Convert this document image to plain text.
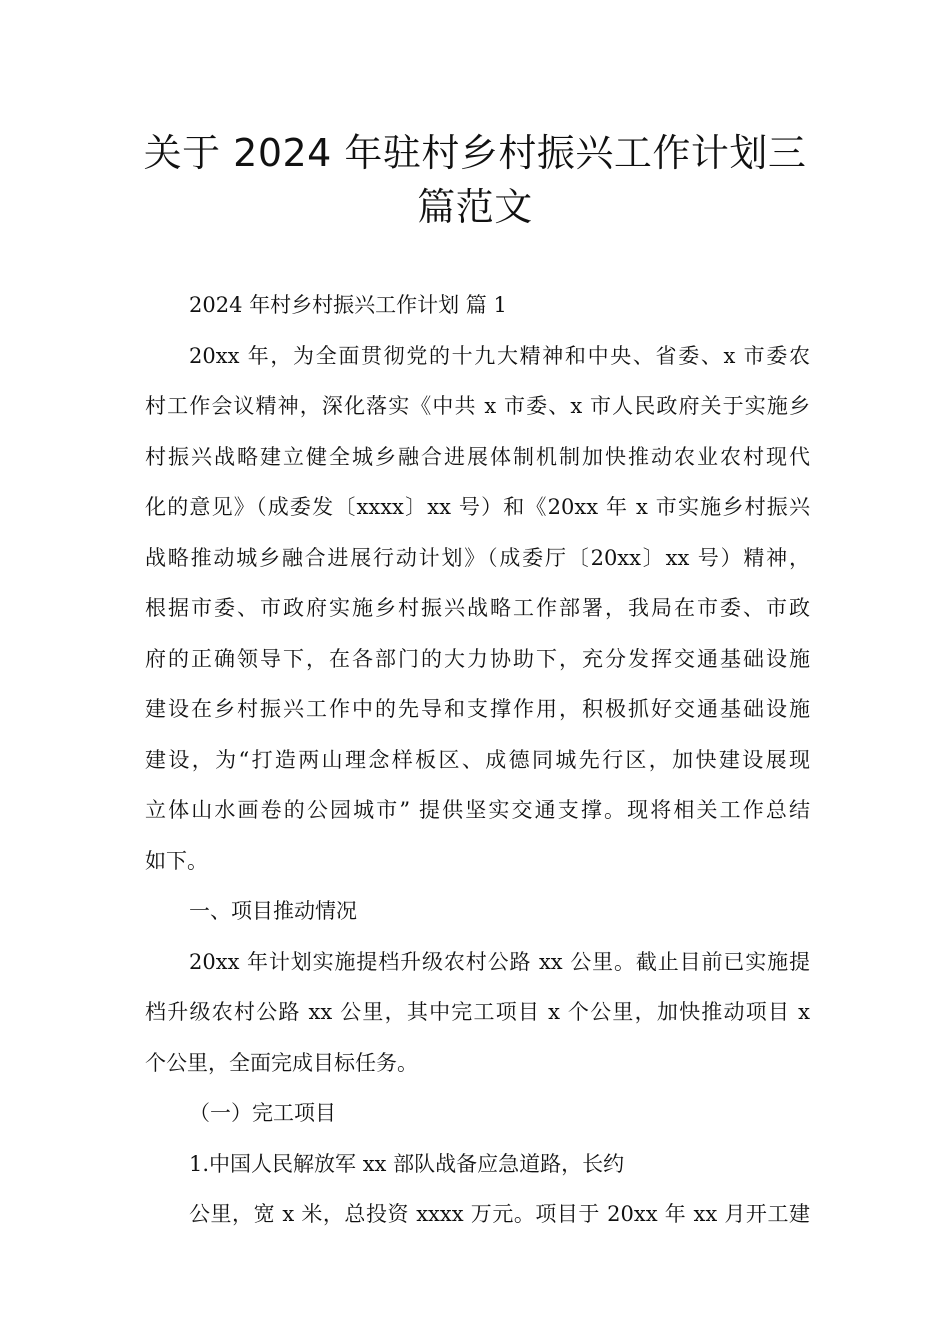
关于 2024 年驻村乡村振兴工作计划三
篇范文
2024 年村乡村振兴工作计划 篇 1
20xx 年，为全面贯彻党的十九大精神和中央、省委、x 市委农
村工作会议精神，深化落实《中共 x 市委、x 市人民政府关于实施乡
村振兴战略建立健全城乡融合进展体制机制加快推动农业农村现代
化的意见》（成委发〔xxxx〕xx 号）和《20xx 年 x 市实施乡村振兴
战略推动城乡融合进展行动计划》（成委厅〔20xx〕xx 号）精神，
根据市委、市政府实施乡村振兴战略工作部署，我局在市委、市政
府的正确领导下，在各部门的大力协助下，充分发挥交通基础设施
建设在乡村振兴工作中的先导和支撑作用，积极抓好交通基础设施
建设，为“打造两山理念样板区、成德同城先行区，加快建设展现
立体山水画卷的公园城市” 提供坚实交通支撑。现将相关工作总结
如下。
一、项目推动情况
20xx 年计划实施提档升级农村公路 xx 公里。截止目前已实施提
档升级农村公路 xx 公里，其中完工项目 x 个公里，加快推动项目 x
个公里，全面完成目标任务。
（一）完工项目
1.中国人民解放军 xx 部队战备应急道路，长约
公里，宽 x 米，总投资 xxxx 万元。项目于 20xx 年 xx 月开工建
